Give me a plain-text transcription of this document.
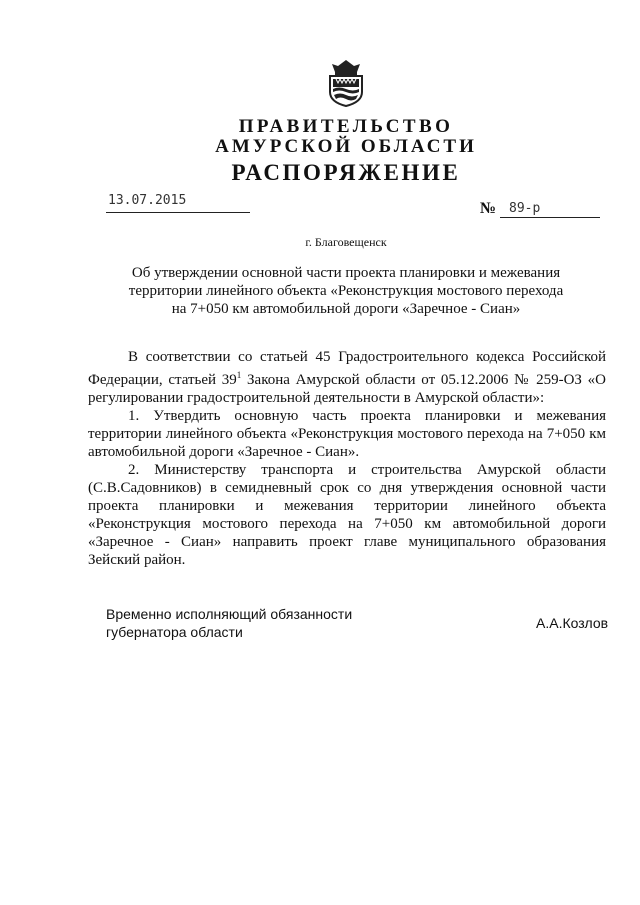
ПРАВИТЕЛЬСТВО
АМУРСКОЙ ОБЛАСТИ
РАСПОРЯЖЕНИЕ
13.07.2015	№ 89-р
г. Благовещенск
Об утверждении основной части проекта планировки и межевания
территории линейного объекта «Реконструкция мостового перехода
на 7+050 км автомобильной дороги «Заречное - Сиан»

В соответствии со статьей 45 Градостроительного кодекса Российской Федерации, статьей $39^1$ Закона Амурской области от 05.12.2006 № 259-ОЗ «О регулировании градостроительной деятельности в Амурской области»:

1. Утвердить основную часть проекта планировки и межевания территории линейного объекта «Реконструкция мостового перехода на 7+050 км автомобильной дороги «Заречное - Сиан».

2. Министерству транспорта и строительства Амурской области (С.В.Садовников) в семидневный срок со дня утверждения основной части проекта планировки и межевания территории линейного объекта «Реконструкция мостового перехода на 7+050 км автомобильной дороги «Заречное - Сиан» направить проект главе муниципального образования Зейский район.

Временно исполняющий обязанности
губернатора области
А.А.Козлов
